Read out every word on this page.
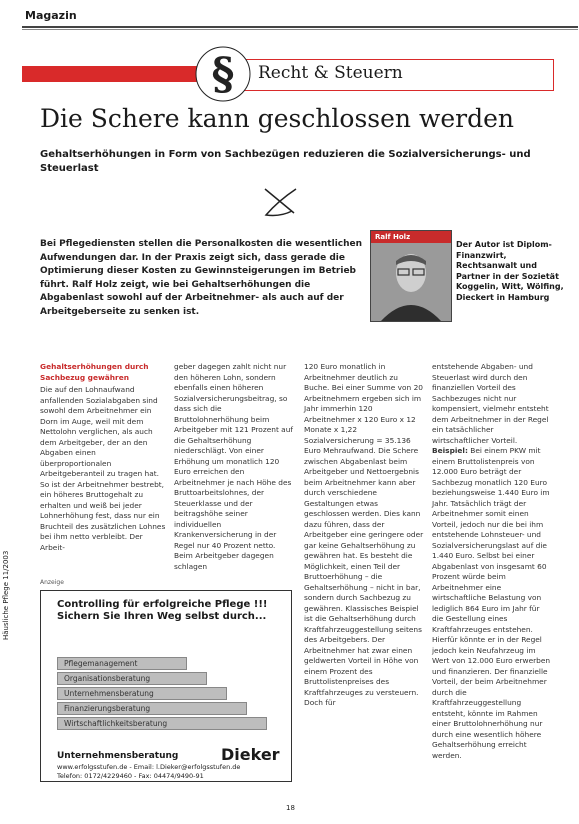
Magazin
§ Recht & Steuern
Die Schere kann geschlossen werden
Gehaltserhöhungen in Form von Sachbezügen reduzieren die Sozialversicherungs- und Steuerlast
Bei Pflegediensten stellen die Personalkosten die wesentlichen Aufwendungen dar. In der Praxis zeigt sich, dass gerade die Optimierung dieser Kosten zu Gewinnsteigerungen im Betrieb führt. Ralf Holz zeigt, wie bei Gehaltserhöhungen die Abgabenlast sowohl auf der Arbeitnehmer- als auch auf der Arbeitgeberseite zu senken ist.
Ralf Holz
Der Autor ist Diplom-Finanzwirt, Rechtsanwalt und Partner in der Sozietät Koggelin, Witt, Wölfing, Dieckert in Hamburg
Gehaltserhöhungen durch Sachbezug gewähren
Die auf den Lohnaufwand anfallenden Sozialabgaben sind sowohl dem Arbeitnehmer ein Dorn im Auge, weil mit dem Nettolohn verglichen, als auch dem Arbeitgeber, der an den Abgaben einen überproportionalen Arbeitgeberanteil zu tragen hat. So ist der Arbeitnehmer bestrebt, ein höheres Bruttogehalt zu erhalten und weiß bei jeder Lohnerhöhung fest, dass nur ein Bruchteil des zusätzlichen Lohnes bei ihm netto verbleibt. Der Arbeit-
geber dagegen zahlt nicht nur den höheren Lohn, sondern ebenfalls einen höheren Sozialversicherungsbeitrag, so dass sich die Bruttolohnerhöhung beim Arbeitgeber mit 121 Prozent auf die Gehaltserhöhung niederschlägt. Von einer Erhöhung um monatlich 120 Euro erreichen den Arbeitnehmer je nach Höhe des Bruttoarbeitslohnes, der Steuerklasse und der beitragshöhe seiner individuellen Krankenversicherung in der Regel nur 40 Prozent netto. Beim Arbeitgeber dagegen schlagen
120 Euro monatlich in Arbeitnehmer deutlich zu Buche. Bei einer Summe von 20 Arbeitnehmern ergeben sich im Jahr immerhin 120 Arbeitnehmer x 120 Euro x 12 Monate x 1,22 Sozialversicherung = 35.136 Euro Mehraufwand. Die Schere zwischen Abgabenlast beim Arbeitgeber und Nettoergebnis beim Arbeitnehmer kann aber durch verschiedene Gestaltungen etwas geschlossen werden. Dies kann dazu führen, dass der Arbeitgeber eine geringere oder gar keine Gehaltserhöhung zu gewähren hat. Es besteht die Möglichkeit, einen Teil der Bruttoerhöhung – die Gehaltserhöhung – nicht in bar, sondern durch Sachbezug zu gewähren. Klassisches Beispiel ist die Gehaltserhöhung durch Kraftfahrzeuggestellung seitens des Arbeitgebers. Der Arbeitnehmer hat zwar einen geldwerten Vorteil in Höhe von einem Prozent des Bruttolistenpreises des Kraftfahrzeuges zu versteuern. Doch für
entstehende Abgaben- und Steuerlast wird durch den finanziellen Vorteil des Sachbezuges nicht nur kompensiert, vielmehr entsteht dem Arbeitnehmer in der Regel ein tatsächlicher wirtschaftlicher Vorteil. Beispiel: Bei einem PKW mit einem Bruttolistenpreis von 12.000 Euro beträgt der Sachbezug monatlich 120 Euro beziehungsweise 1.440 Euro im Jahr. Tatsächlich trägt der Arbeitnehmer somit einen Vorteil, jedoch nur die bei ihm entstehende Lohnsteuer- und Sozialversicherungslast auf die 1.440 Euro. Selbst bei einer Abgabenlast von insgesamt 60 Prozent würde beim Arbeitnehmer eine wirtschaftliche Belastung von lediglich 864 Euro im Jahr für die Gestellung eines Kraftfahrzeuges entstehen. Hierfür könnte er in der Regel jedoch kein Neufahrzeug im Wert von 12.000 Euro erwerben und finanzieren. Der finanzielle Vorteil, der beim Arbeitnehmer durch die Kraftfahrzeuggestellung entsteht, könnte im Rahmen einer Bruttolohnerhöhung nur durch eine wesentlich höhere Gehaltserhöhung erreicht werden.
Anzeige
Controlling für erfolgreiche Pflege !!!
Sichern Sie Ihren Weg selbst durch...
Wirtschaftlichkeitsberatung
Finanzierungsberatung
Unternehmensberatung
Organisationsberatung
Pflegemanagement
Unternehmensberatung	Dieker
www.erfolgsstufen.de - Email: l.Dieker@erfolgsstufen.de
Telefon: 0172/4229460 - Fax: 04474/9490-91
Häusliche Pflege 11/2003
18
